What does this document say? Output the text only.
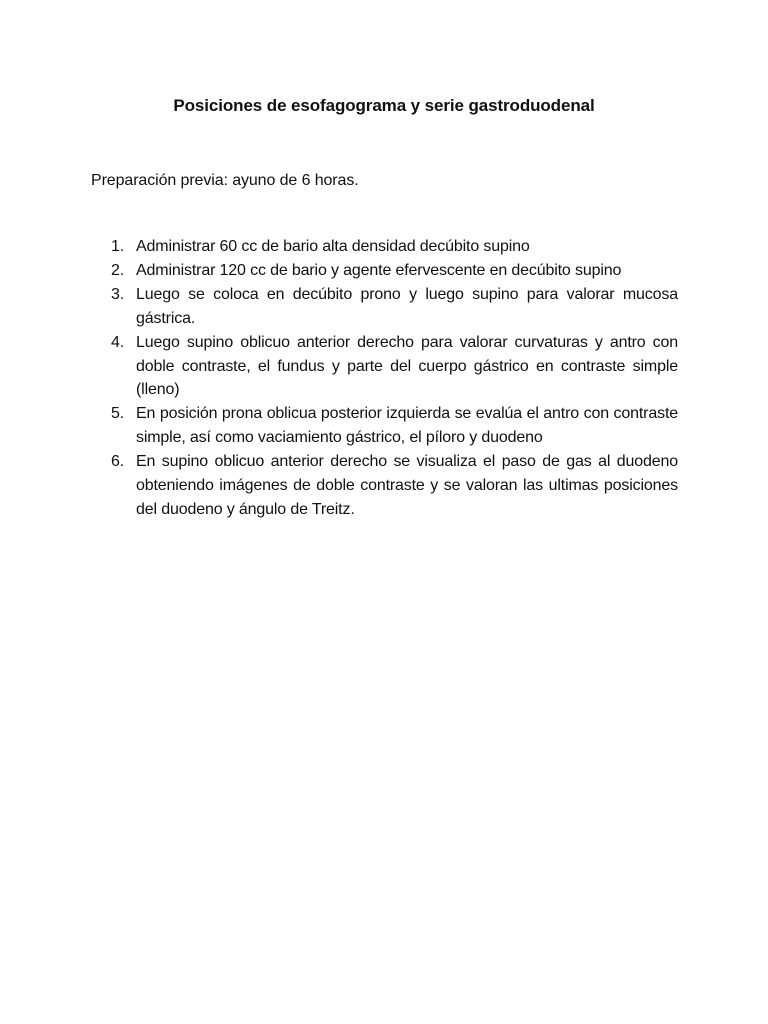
Posiciones de esofagograma y serie gastroduodenal
Preparación previa: ayuno de 6 horas.
1. Administrar 60 cc de bario alta densidad decúbito supino
2. Administrar 120 cc de bario y agente efervescente en decúbito supino
3. Luego se coloca en decúbito prono y luego supino para valorar mucosa gástrica.
4. Luego supino oblicuo anterior derecho para valorar curvaturas y antro con doble contraste, el fundus y parte del cuerpo gástrico en contraste simple (lleno)
5. En posición prona oblicua posterior izquierda se evalúa el antro con contraste simple, así como vaciamiento gástrico, el píloro y duodeno
6. En supino oblicuo anterior derecho se visualiza el paso de gas al duodeno obteniendo imágenes de doble contraste y se valoran las ultimas posiciones del duodeno y ángulo de Treitz.
